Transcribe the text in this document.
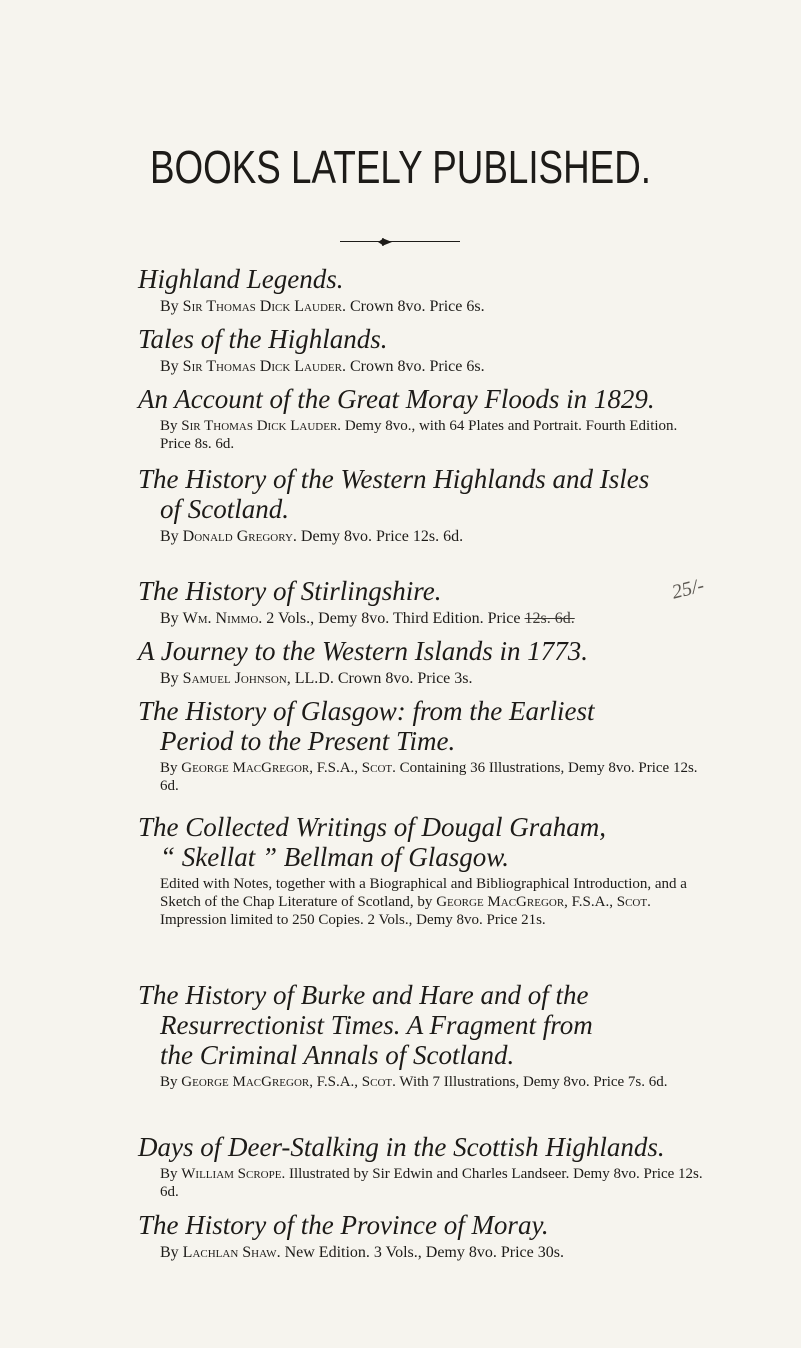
BOOKS LATELY PUBLISHED.

Highland Legends.

By Sir Thomas Dick Lauder. Crown 8vo. Price 6s.

Tales of the Highlands.

By Sir Thomas Dick Lauder. Crown 8vo. Price 6s.

An Account of the Great Moray Floods in 1829.

By Sir Thomas Dick Lauder. Demy 8vo., with 64 Plates and Portrait. Fourth Edition. Price 8s. 6d.

The History of the Western Highlands and Isles
of Scotland.

By Donald Gregory. Demy 8vo. Price 12s. 6d.

The History of Stirlingshire.

By Wm. Nimmo. 2 Vols., Demy 8vo. Third Edition. Price 12s. 6d.

25/-

A Journey to the Western Islands in 1773.

By Samuel Johnson, LL.D. Crown 8vo. Price 3s.

The History of Glasgow: from the Earliest
Period to the Present Time.

By George MacGregor, F.S.A., Scot. Containing 36 Illustrations, Demy 8vo. Price 12s. 6d.

The Collected Writings of Dougal Graham,
“ Skellat ” Bellman of Glasgow.

Edited with Notes, together with a Biographical and Bibliographical Introduction, and a Sketch of the Chap Literature of Scotland, by George MacGregor, F.S.A., Scot. Impression limited to 250 Copies. 2 Vols., Demy 8vo. Price 21s.

The History of Burke and Hare and of the
Resurrectionist Times. A Fragment from
the Criminal Annals of Scotland.

By George MacGregor, F.S.A., Scot. With 7 Illustrations, Demy 8vo. Price 7s. 6d.

Days of Deer-Stalking in the Scottish Highlands.

By William Scrope. Illustrated by Sir Edwin and Charles Landseer. Demy 8vo. Price 12s. 6d.

The History of the Province of Moray.

By Lachlan Shaw. New Edition. 3 Vols., Demy 8vo. Price 30s.
